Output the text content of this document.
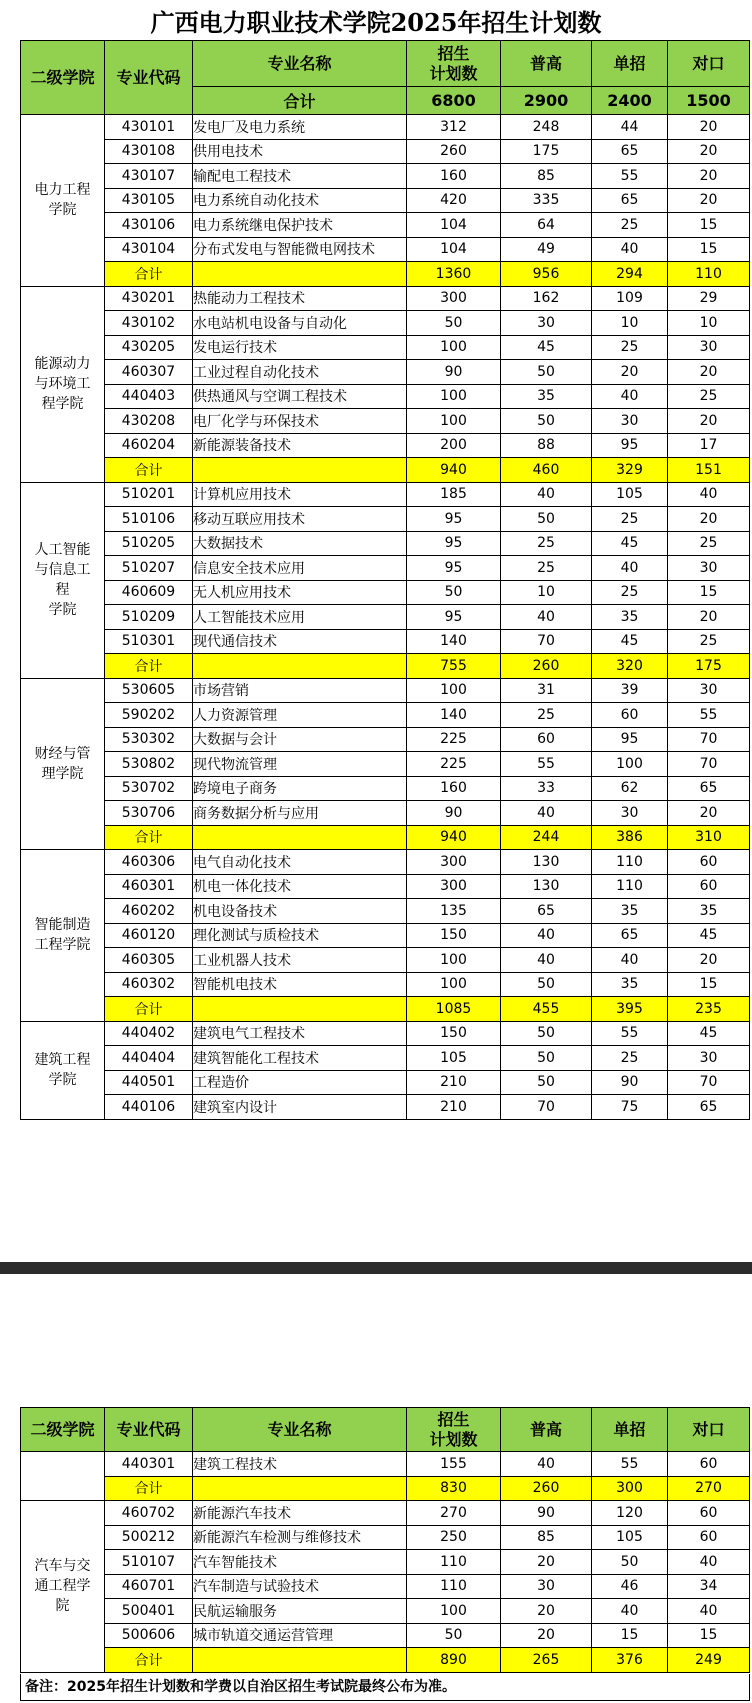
广西电力职业技术学院2025年招生计划数
二级学院	专业代码	专业名称	招生
计划数	普高	单招	对口
		合计	6800	2900	2400	1500
电力工程
学院	430101	发电厂及电力系统	312	248	44	20
	430108	供用电技术	260	175	65	20
	430107	输配电工程技术	160	85	55	20
	430105	电力系统自动化技术	420	335	65	20
	430106	电力系统继电保护技术	104	64	25	15
	430104	分布式发电与智能微电网技术	104	49	40	15
	合计		1360	956	294	110
能源动力
与环境工
程学院	430201	热能动力工程技术	300	162	109	29
	430102	水电站机电设备与自动化	50	30	10	10
	430205	发电运行技术	100	45	25	30
	460307	工业过程自动化技术	90	50	20	20
	440403	供热通风与空调工程技术	100	35	40	25
	430208	电厂化学与环保技术	100	50	30	20
	460204	新能源装备技术	200	88	95	17
	合计		940	460	329	151
人工智能
与信息工
程
学院	510201	计算机应用技术	185	40	105	40
	510106	移动互联应用技术	95	50	25	20
	510205	大数据技术	95	25	45	25
	510207	信息安全技术应用	95	25	40	30
	460609	无人机应用技术	50	10	25	15
	510209	人工智能技术应用	95	40	35	20
	510301	现代通信技术	140	70	45	25
	合计		755	260	320	175
财经与管
理学院	530605	市场营销	100	31	39	30
	590202	人力资源管理	140	25	60	55
	530302	大数据与会计	225	60	95	70
	530802	现代物流管理	225	55	100	70
	530702	跨境电子商务	160	33	62	65
	530706	商务数据分析与应用	90	40	30	20
	合计		940	244	386	310
智能制造
工程学院	460306	电气自动化技术	300	130	110	60
	460301	机电一体化技术	300	130	110	60
	460202	机电设备技术	135	65	35	35
	460120	理化测试与质检技术	150	40	65	45
	460305	工业机器人技术	100	40	40	20
	460302	智能机电技术	100	50	35	15
	合计		1085	455	395	235
建筑工程
学院	440402	建筑电气工程技术	150	50	55	45
	440404	建筑智能化工程技术	105	50	25	30
	440501	工程造价	210	50	90	70
	440106	建筑室内设计	210	70	75	65
二级学院	专业代码	专业名称	招生
计划数	普高	单招	对口
	440301	建筑工程技术	155	40	55	60
	合计		830	260	300	270
汽车与交
通工程学
院	460702	新能源汽车技术	270	90	120	60
	500212	新能源汽车检测与维修技术	250	85	105	60
	510107	汽车智能技术	110	20	50	40
	460701	汽车制造与试验技术	110	30	46	34
	500401	民航运输服务	100	20	40	40
	500606	城市轨道交通运营管理	50	20	15	15
	合计		890	265	376	249
备注：2025年招生计划数和学费以自治区招生考试院最终公布为准。
